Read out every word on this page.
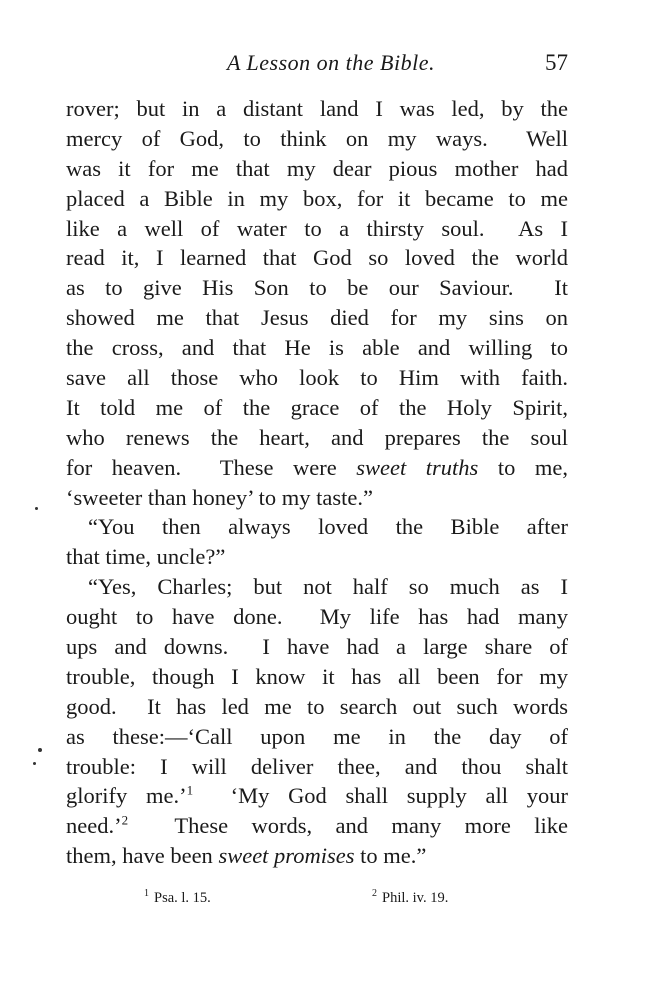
A Lesson on the Bible.	57
rover; but in a distant land I was led, by the
mercy of God, to think on my ways.  Well
was it for me that my dear pious mother had
placed a Bible in my box, for it became to me
like a well of water to a thirsty soul.  As I
read it, I learned that God so loved the world
as to give His Son to be our Saviour.  It
showed me that Jesus died for my sins on
the cross, and that He is able and willing to
save all those who look to Him with faith.
It told me of the grace of the Holy Spirit,
who renews the heart, and prepares the soul
for heaven.  These were sweet truths to me,
‘sweeter than honey’ to my taste.”
“You then always loved the Bible after
that time, uncle?”
“Yes, Charles; but not half so much as I
ought to have done.  My life has had many
ups and downs.  I have had a large share of
trouble, though I know it has all been for my
good.  It has led me to search out such words
as these:—‘Call upon me in the day of
trouble: I will deliver thee, and thou shalt
glorify me.’$^1$  ‘My God shall supply all your
need.’$^2$  These words, and many more like
them, have been sweet promises to me.”
$^1$ Psa. l. 15.	$^2$ Phil. iv. 19.
